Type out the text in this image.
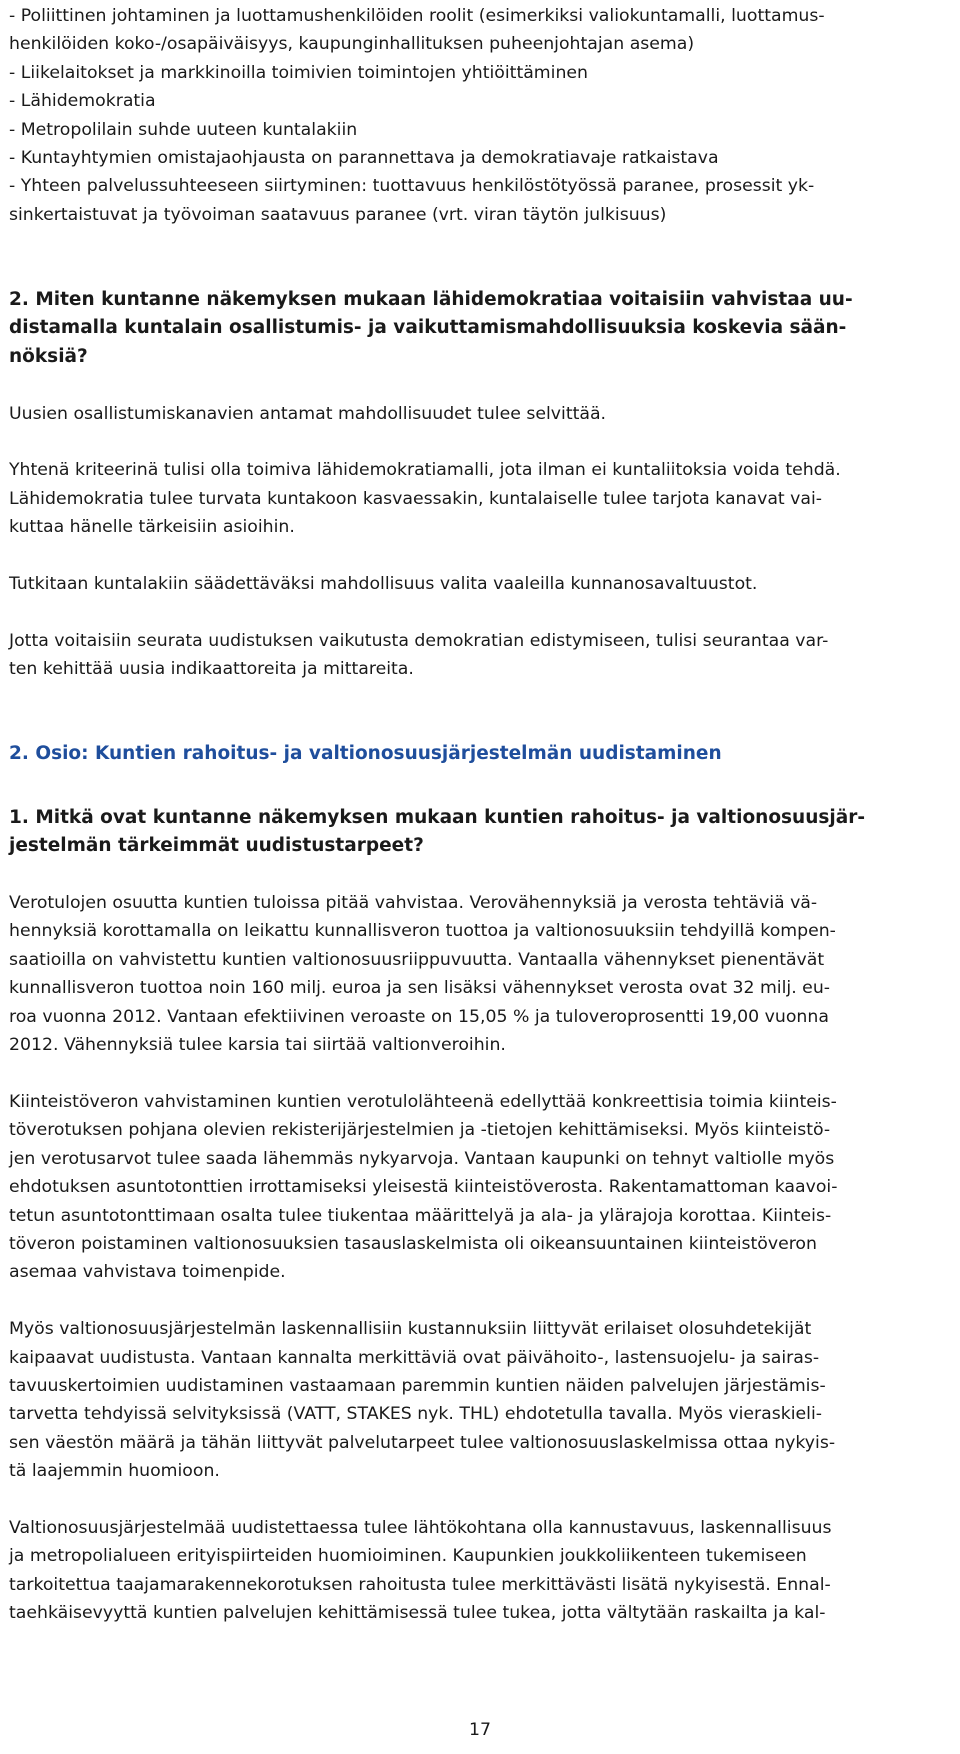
- Poliittinen johtaminen ja luottamushenkilöiden roolit (esimerkiksi valiokuntamalli, luottamus-

henkilöiden koko-/osapäiväisyys, kaupunginhallituksen puheenjohtajan asema)

- Liikelaitokset ja markkinoilla toimivien toimintojen yhtiöittäminen

- Lähidemokratia

- Metropolilain suhde uuteen kuntalakiin

- Kuntayhtymien omistajaohjausta on parannettava ja demokratiavaje ratkaistava

- Yhteen palvelussuhteeseen siirtyminen: tuottavuus henkilöstötyössä paranee, prosessit yk-

sinkertaistuvat ja työvoiman saatavuus paranee (vrt. viran täytön julkisuus)

2. Miten kuntanne näkemyksen mukaan lähidemokratiaa voitaisiin vahvistaa uu-

distamalla kuntalain osallistumis- ja vaikuttamismahdollisuuksia koskevia sään-

nöksiä?

Uusien osallistumiskanavien antamat mahdollisuudet tulee selvittää.

Yhtenä kriteerinä tulisi olla toimiva lähidemokratiamalli, jota ilman ei kuntaliitoksia voida tehdä.

Lähidemokratia tulee turvata kuntakoon kasvaessakin, kuntalaiselle tulee tarjota kanavat vai-

kuttaa hänelle tärkeisiin asioihin.

Tutkitaan kuntalakiin säädettäväksi mahdollisuus valita vaaleilla kunnanosavaltuustot.

Jotta voitaisiin seurata uudistuksen vaikutusta demokratian edistymiseen, tulisi seurantaa var-

ten kehittää uusia indikaattoreita ja mittareita.

2. Osio: Kuntien rahoitus- ja valtionosuusjärjestelmän uudistaminen

1. Mitkä ovat kuntanne näkemyksen mukaan kuntien rahoitus- ja valtionosuusjär-

jestelmän tärkeimmät uudistustarpeet?

Verotulojen osuutta kuntien tuloissa pitää vahvistaa. Verovähennyksiä ja verosta tehtäviä vä-

hennyksiä korottamalla on leikattu kunnallisveron tuottoa ja valtionosuuksiin tehdyillä kompen-

saatioilla on vahvistettu kuntien valtionosuusriippuvuutta. Vantaalla vähennykset pienentävät

kunnallisveron tuottoa noin 160 milj. euroa ja sen lisäksi vähennykset verosta ovat 32 milj. eu-

roa vuonna 2012. Vantaan efektiivinen veroaste on 15,05 % ja tuloveroprosentti 19,00 vuonna

2012. Vähennyksiä tulee karsia tai siirtää valtionveroihin.

Kiinteistöveron vahvistaminen kuntien verotulolähteenä edellyttää konkreettisia toimia kiinteis-

töverotuksen pohjana olevien rekisterijärjestelmien ja -tietojen kehittämiseksi. Myös kiinteistö-

jen verotusarvot tulee saada lähemmäs nykyarvoja. Vantaan kaupunki on tehnyt valtiolle myös

ehdotuksen asuntotonttien irrottamiseksi yleisestä kiinteistöverosta. Rakentamattoman kaavoi-

tetun asuntotonttimaan osalta tulee tiukentaa määrittelyä ja ala- ja ylärajoja korottaa. Kiinteis-

töveron poistaminen valtionosuuksien tasauslaskelmista oli oikeansuuntainen kiinteistöveron

asemaa vahvistava toimenpide.

Myös valtionosuusjärjestelmän laskennallisiin kustannuksiin liittyvät erilaiset olosuhdetekijät

kaipaavat uudistusta. Vantaan kannalta merkittäviä ovat päivähoito-, lastensuojelu- ja sairas-

tavuuskertoimien uudistaminen vastaamaan paremmin kuntien näiden palvelujen järjestämis-

tarvetta tehdyissä selvityksissä (VATT, STAKES nyk. THL) ehdotetulla tavalla. Myös vieraskieli-

sen väestön määrä ja tähän liittyvät palvelutarpeet tulee valtionosuuslaskelmissa ottaa nykyis-

tä laajemmin huomioon.

Valtionosuusjärjestelmää uudistettaessa tulee lähtökohtana olla kannustavuus, laskennallisuus

ja metropolialueen erityispiirteiden huomioiminen. Kaupunkien joukkoliikenteen tukemiseen

tarkoitettua taajamarakennekorotuksen rahoitusta tulee merkittävästi lisätä nykyisestä. Ennal-

taehkäisevyyttä kuntien palvelujen kehittämisessä tulee tukea, jotta vältytään raskailta ja kal-

17
